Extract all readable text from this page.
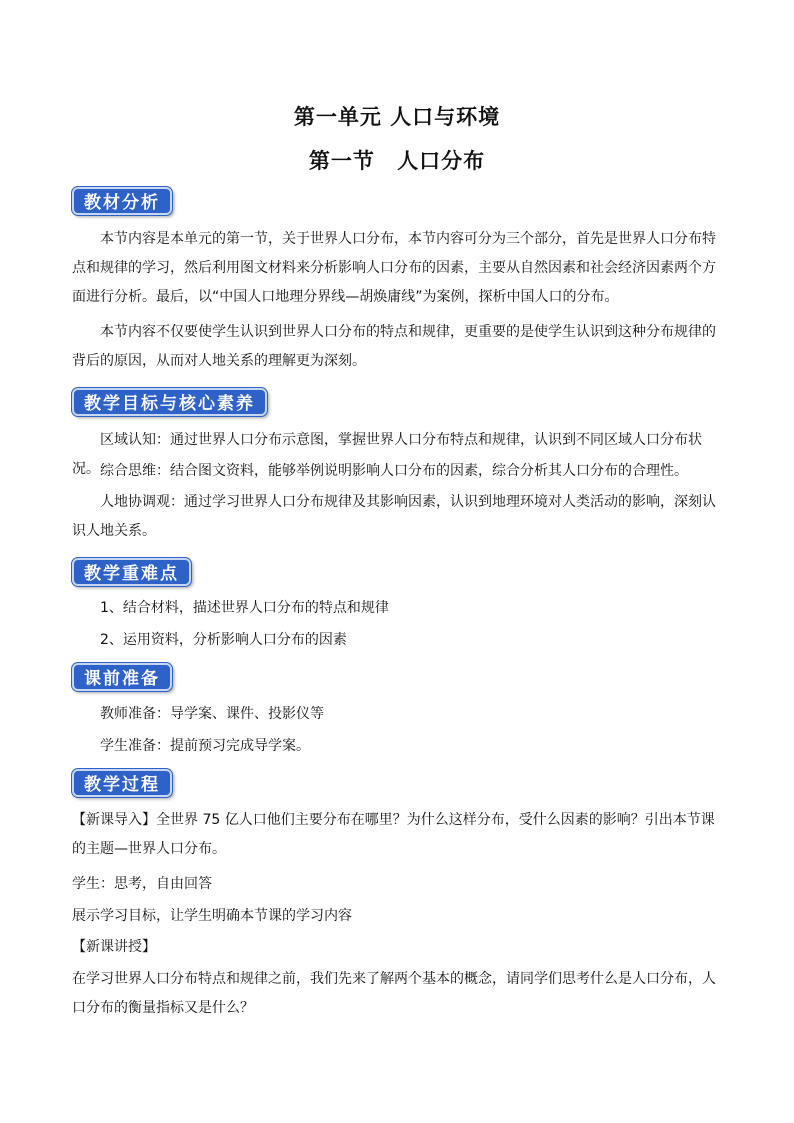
第一单元 人口与环境
第一节 人口分布
教材分析

本节内容是本单元的第一节，关于世界人口分布，本节内容可分为三个部分，首先是世界人口分布特点和规律的学习，然后利用图文材料来分析影响人口分布的因素，主要从自然因素和社会经济因素两个方面进行分析。最后，以“中国人口地理分界线—胡焕庸线”为案例，探析中国人口的分布。

本节内容不仅要使学生认识到世界人口分布的特点和规律，更重要的是使学生认识到这种分布规律的背后的原因，从而对人地关系的理解更为深刻。

教学目标与核心素养

区域认知：通过世界人口分布示意图，掌握世界人口分布特点和规律，认识到不同区域人口分布状况。 综合思维：结合图文资料，能够举例说明影响人口分布的因素，综合分析其人口分布的合理性。

人地协调观：通过学习世界人口分布规律及其影响因素，认识到地理环境对人类活动的影响，深刻认识人地关系。

教学重难点
1、结合材料，描述世界人口分布的特点和规律
2、运用资料，分析影响人口分布的因素
课前准备
教师准备：导学案、课件、投影仪等
学生准备：提前预习完成导学案。
教学过程

【新课导入】全世界 75 亿人口他们主要分布在哪里？为什么这样分布，受什么因素的影响？引出本节课的主题—世界人口分布。

学生：思考，自由回答
展示学习目标，让学生明确本节课的学习内容
【新课讲授】

在学习世界人口分布特点和规律之前，我们先来了解两个基本的概念，请同学们思考什么是人口分布，人口分布的衡量指标又是什么？
